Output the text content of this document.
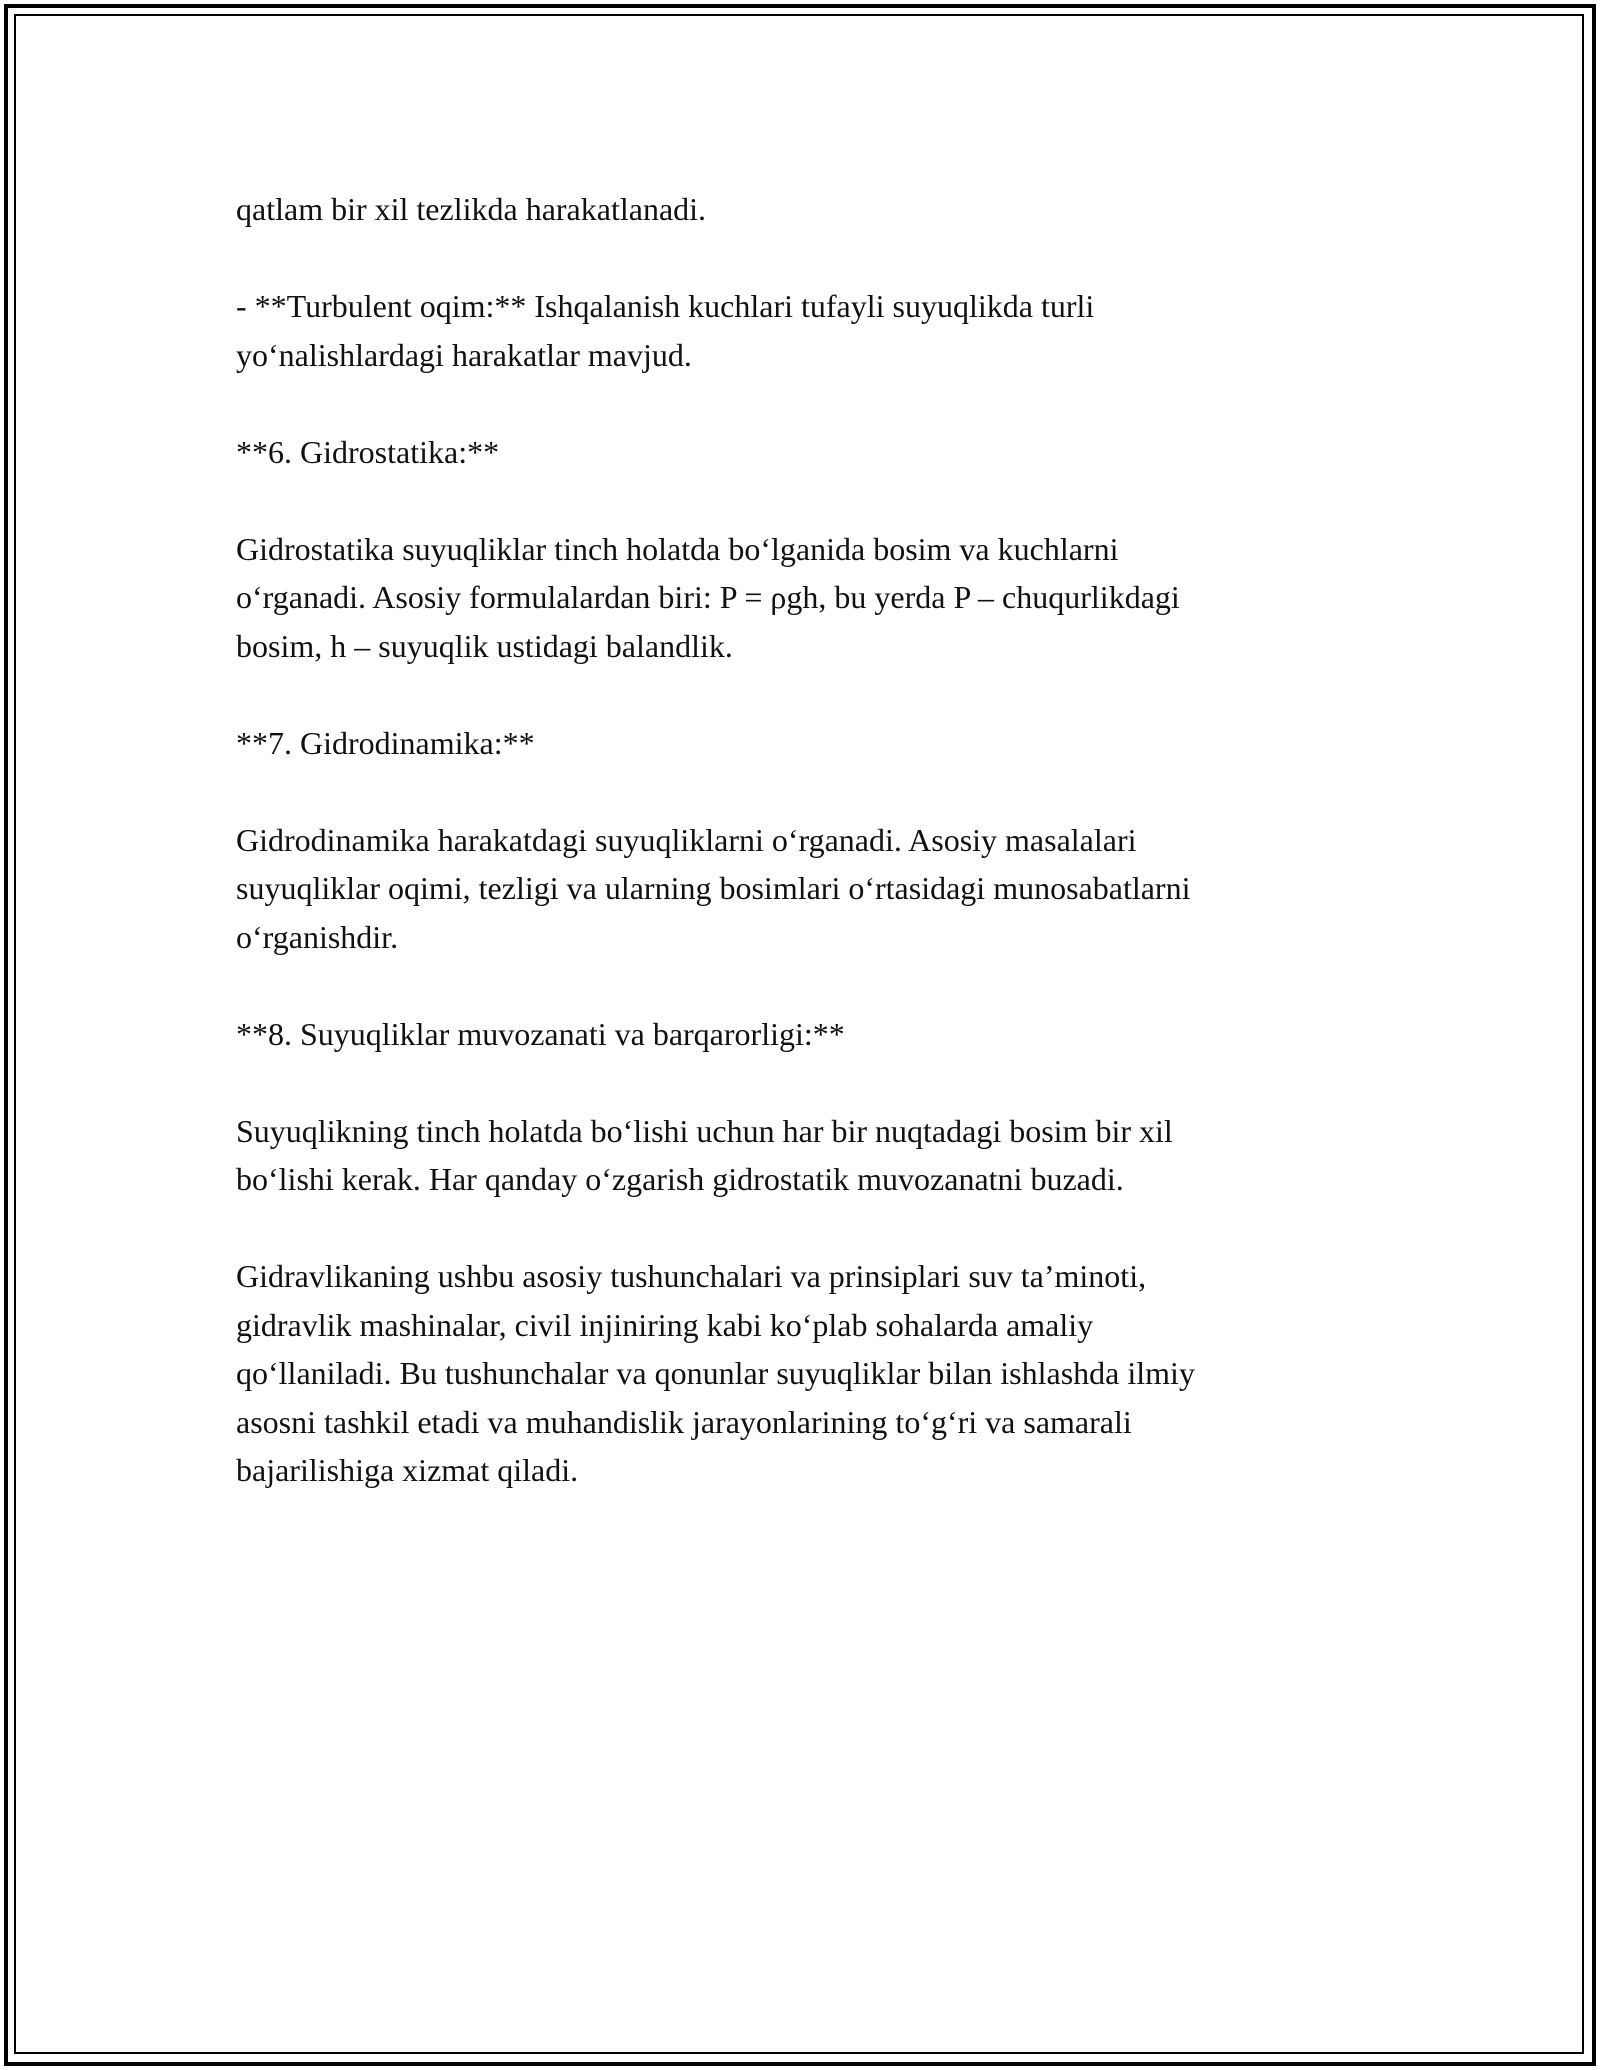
qatlam bir xil tezlikda harakatlanadi.
- **Turbulent oqim:** Ishqalanish kuchlari tufayli suyuqlikda turli
yo‘nalishlardagi harakatlar mavjud.
**6. Gidrostatika:**
Gidrostatika suyuqliklar tinch holatda bo‘lganida bosim va kuchlarni
o‘rganadi. Asosiy formulalardan biri: P = ρgh, bu yerda P – chuqurlikdagi
bosim, h – suyuqlik ustidagi balandlik.
**7. Gidrodinamika:**
Gidrodinamika harakatdagi suyuqliklarni o‘rganadi. Asosiy masalalari
suyuqliklar oqimi, tezligi va ularning bosimlari o‘rtasidagi munosabatlarni
o‘rganishdir.
**8. Suyuqliklar muvozanati va barqarorligi:**
Suyuqlikning tinch holatda bo‘lishi uchun har bir nuqtadagi bosim bir xil
bo‘lishi kerak. Har qanday o‘zgarish gidrostatik muvozanatni buzadi.
Gidravlikaning ushbu asosiy tushunchalari va prinsiplari suv ta’minoti,
gidravlik mashinalar, civil injiniring kabi ko‘plab sohalarda amaliy
qo‘llaniladi. Bu tushunchalar va qonunlar suyuqliklar bilan ishlashda ilmiy
asosni tashkil etadi va muhandislik jarayonlarining to‘g‘ri va samarali
bajarilishiga xizmat qiladi.
